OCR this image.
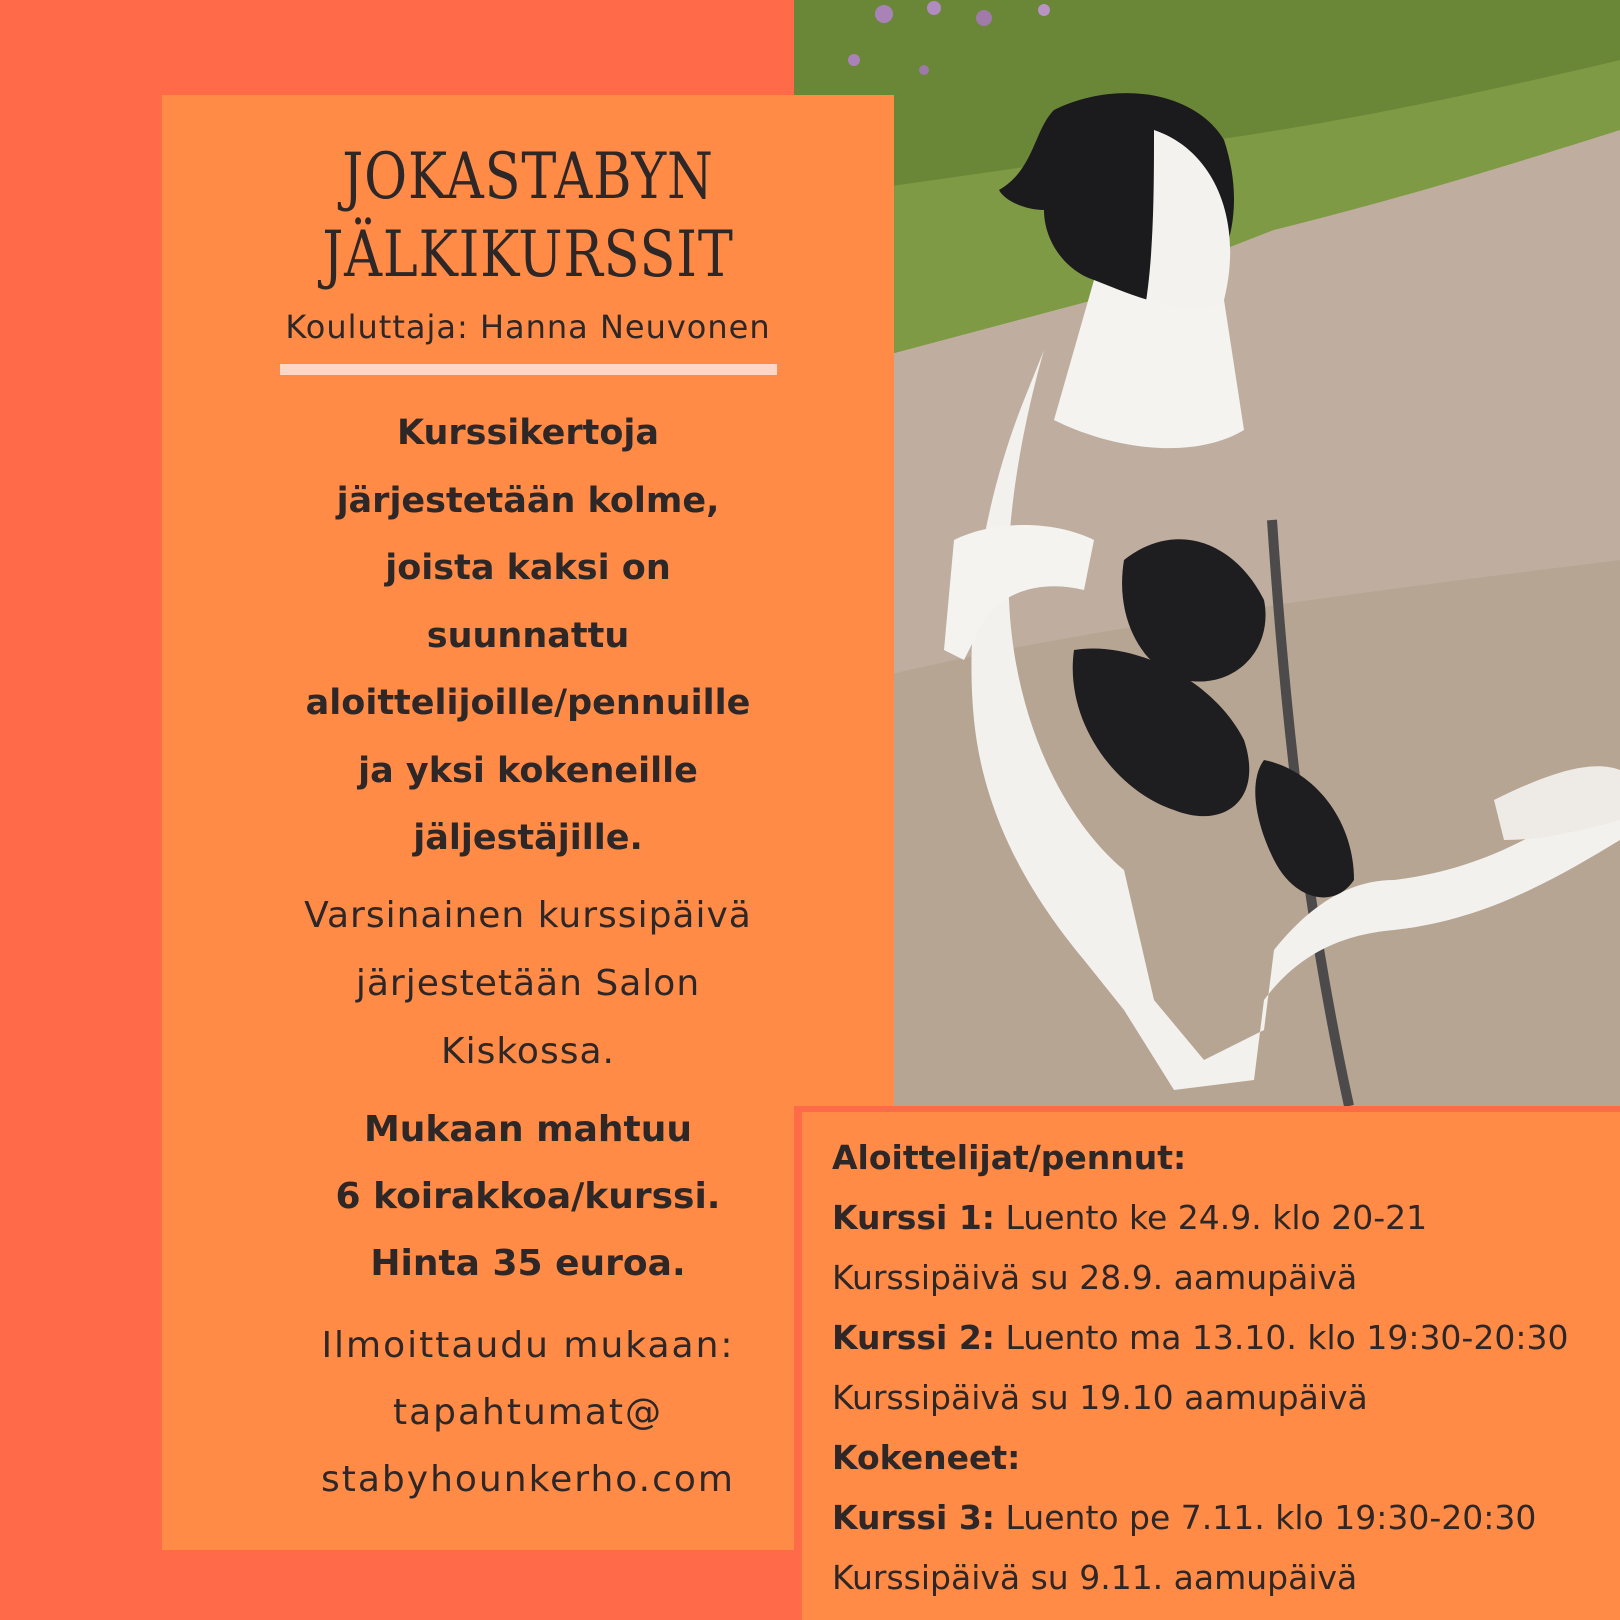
JOKASTABYN
JÄLKIKURSSIT
Kouluttaja: Hanna Neuvonen
Kurssikertoja
järjestetään kolme,
joista kaksi on
suunnattu
aloittelijoille/pennuille
ja yksi kokeneille
jäljestäjille.
Varsinainen kurssipäivä
järjestetään Salon
Kiskossa.
Mukaan mahtuu
6 koirakkoa/kurssi.
Hinta 35 euroa.
Ilmoittaudu mukaan:
tapahtumat@
stabyhounkerho.com
Aloittelijat/pennut:
Kurssi 1: Luento ke 24.9. klo 20-21
Kurssipäivä su 28.9. aamupäivä
Kurssi 2: Luento ma 13.10. klo 19:30-20:30
Kurssipäivä su 19.10 aamupäivä
Kokeneet:
Kurssi 3: Luento pe 7.11. klo 19:30-20:30
Kurssipäivä su 9.11. aamupäivä
